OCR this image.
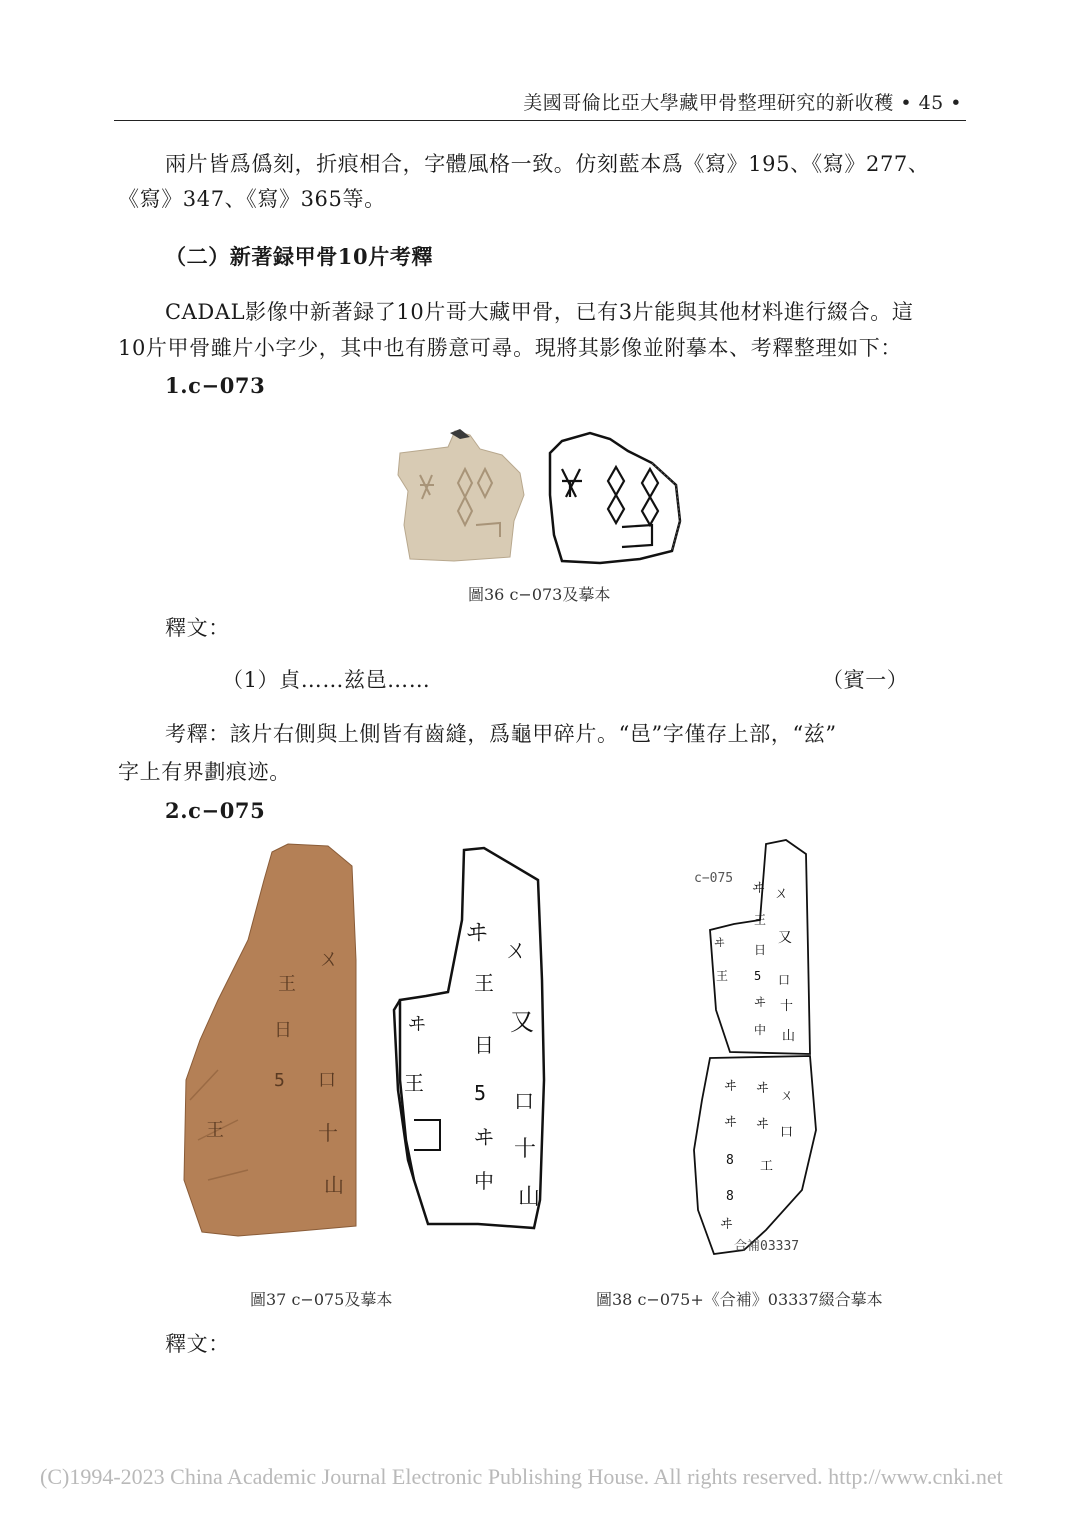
美國哥倫比亞大學藏甲骨整理研究的新收穫 • 45 •
兩片皆爲僞刻，折痕相合，字體風格一致。仿刻藍本爲《寫》195、《寫》277、
《寫》347、《寫》365等。
（二）新著録甲骨10片考釋
CADAL影像中新著録了10片哥大藏甲骨，已有3片能與其他材料進行綴合。這
10片甲骨雖片小字少，其中也有勝意可尋。現將其影像並附摹本、考釋整理如下：
1.c−073
圖36 c−073及摹本
釋文：
（1）貞……兹邑……	（賓一）
考釋：該片右側與上側皆有齒縫，爲龜甲碎片。“邑”字僅存上部，“兹”
字上有界劃痕迹。
2.c−075
ㄨ
王
日
5 口
十
山
王
ヰ
ㄨ
王
又
ヰ
日
5 口
王
ヰ 十
中
山
圖37 c−075及摹本
c−075
ヰ ㄨ
王
又
ヰ
日
5 口
王
ヰ 十
中 山
ヰ ヰ ㄨ
ヰ ヰ
口
8 工
8
ヰ
合補03337
圖38 c−075+《合補》03337綴合摹本
釋文：
(C)1994-2023 China Academic Journal Electronic Publishing House. All rights reserved. http://www.cnki.net
